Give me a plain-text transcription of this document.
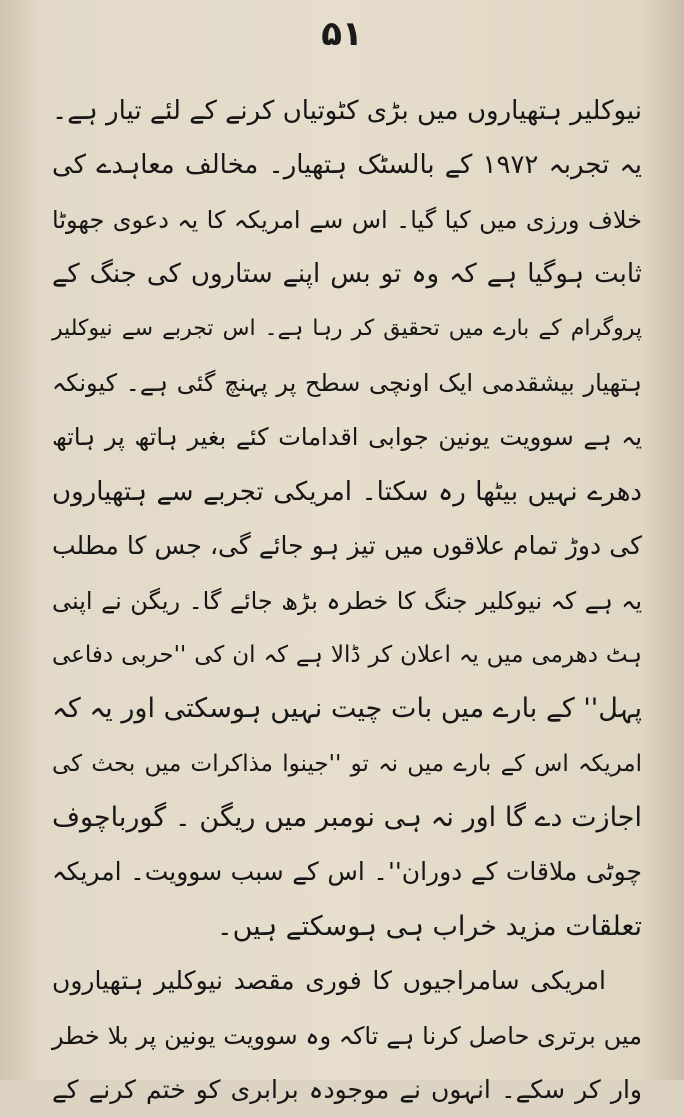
۵۱
نیوکلیر ہتھیاروں میں بڑی کٹوتیاں کرنے کے لئے تیار ہے۔
یہ تجربہ ۱۹۷۲ کے بالسٹک ہتھیار۔ مخالف معاہدے کی
خلاف ورزی میں کیا گیا۔ اس سے امریکہ کا یہ دعوی جھوٹا
ثابت ہوگیا ہے کہ وہ تو بس اپنے ستاروں کی جنگ کے
پروگرام کے بارے میں تحقیق کر رہا ہے۔ اس تجربے سے نیوکلیر
ہتھیار بیشقدمی ایک اونچی سطح پر پہنچ گئی ہے۔ کیونکہ
یہ ہے سوویت یونین جوابی اقدامات کئے بغیر ہاتھ پر ہاتھ
دھرے نہیں بیٹھا رہ سکتا۔ امریکی تجربے سے ہتھیاروں
کی دوڑ تمام علاقوں میں تیز ہو جائے گی، جس کا مطلب
یہ ہے کہ نیوکلیر جنگ کا خطرہ بڑھ جائے گا۔ ریگن نے اپنی
ہٹ دھرمی میں یہ اعلان کر ڈالا ہے کہ ان کی ''حربی دفاعی
پہل'' کے بارے میں بات چیت نہیں ہوسکتی اور یہ کہ
امریکہ اس کے بارے میں نہ تو ''جینوا مذاکرات میں بحث کی
اجازت دے گا اور نہ ہی نومبر میں ریگن ۔ گورباچوف
چوٹی ملاقات کے دوران''۔ اس کے سبب سوویت۔ امریکہ
تعلقات مزید خراب ہی ہوسکتے ہیں۔
امریکی سامراجیوں کا فوری مقصد نیوکلیر ہتھیاروں
میں برتری حاصل کرنا ہے تاکہ وہ سوویت یونین پر بلا خطر
وار کر سکے۔ انہوں نے موجودہ برابری کو ختم کرنے کے
